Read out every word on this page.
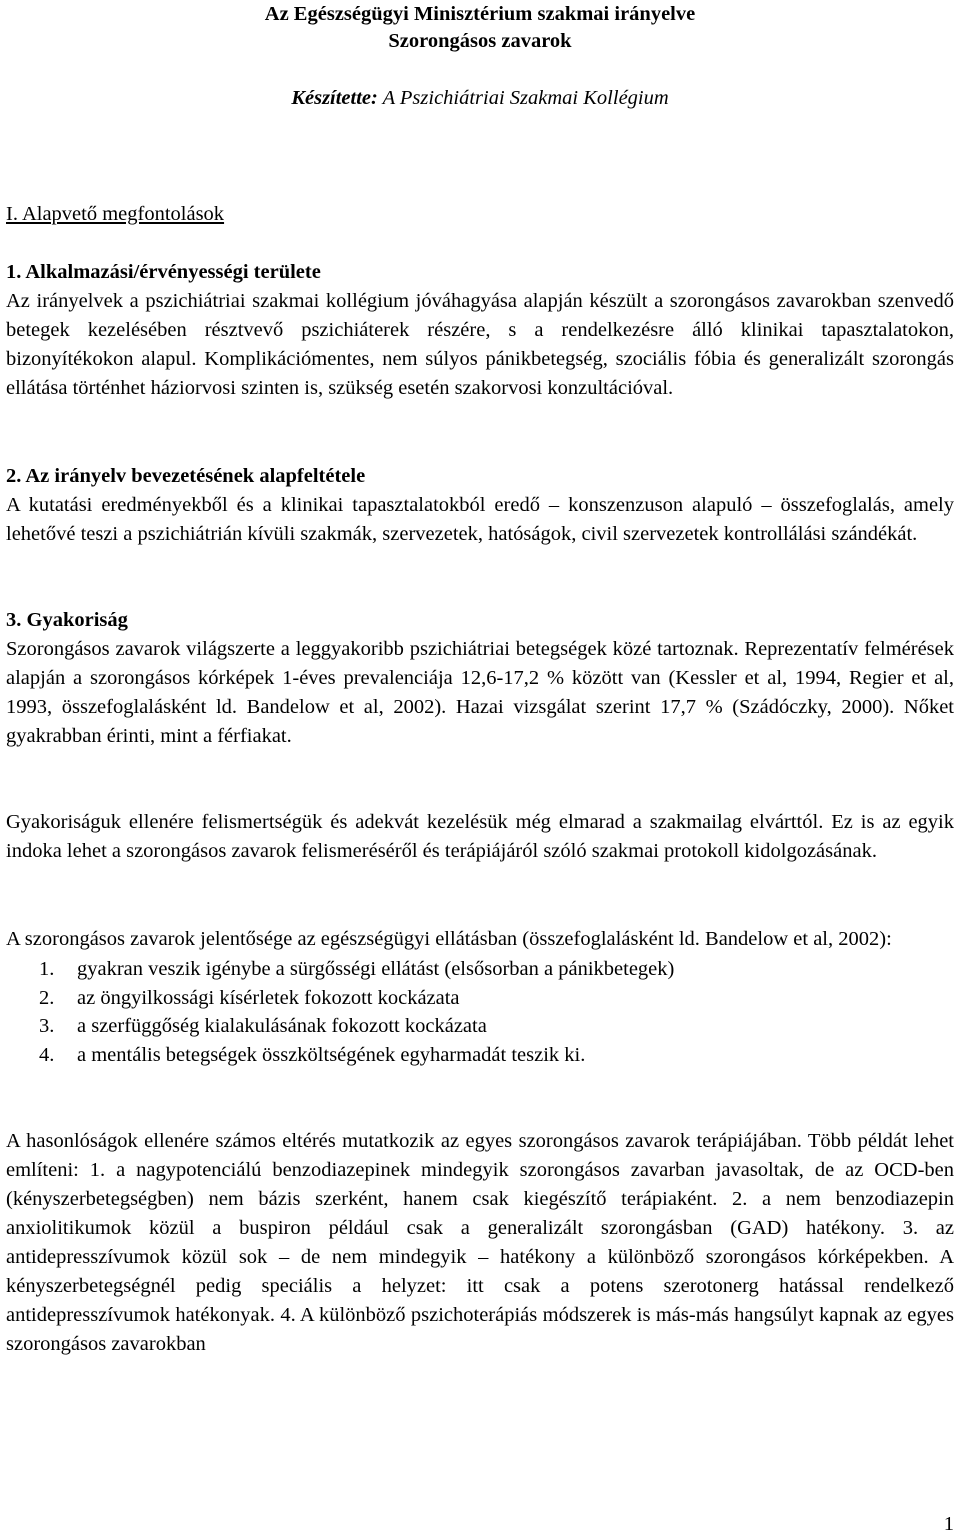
Az Egészségügyi Minisztérium szakmai irányelve
Szorongásos zavarok
Készítette: A Pszichiátriai Szakmai Kollégium
I. Alapvető megfontolások
1. Alkalmazási/érvényességi területe

Az irányelvek a pszichiátriai szakmai kollégium jóváhagyása alapján készült a szorongásos zavarokban szenvedő betegek kezelésében résztvevő pszichiáterek részére, s a rendelkezésre álló klinikai tapasztalatokon, bizonyítékokon alapul. Komplikációmentes, nem súlyos pánikbetegség, szociális fóbia és generalizált szorongás ellátása történhet háziorvosi szinten is, szükség esetén szakorvosi konzultációval.

2. Az irányelv bevezetésének alapfeltétele

A kutatási eredményekből és a klinikai tapasztalatokból eredő – konszenzuson alapuló – összefoglalás, amely lehetővé teszi a pszichiátrián kívüli szakmák, szervezetek, hatóságok, civil szervezetek kontrollálási szándékát.

3. Gyakoriság

Szorongásos zavarok világszerte a leggyakoribb pszichiátriai betegségek közé tartoznak. Reprezentatív felmérések alapján a szorongásos kórképek 1-éves prevalenciája 12,6-17,2 % között van (Kessler et al, 1994, Regier et al, 1993, összefoglalásként ld. Bandelow et al, 2002). Hazai vizsgálat szerint 17,7 % (Szádóczky, 2000). Nőket gyakrabban érinti, mint a férfiakat.

Gyakoriságuk ellenére felismertségük és adekvát kezelésük még elmarad a szakmailag elvárttól. Ez is az egyik indoka lehet a szorongásos zavarok felismeréséről és terápiájáról szóló szakmai protokoll kidolgozásának.

A szorongásos zavarok jelentősége az egészségügyi ellátásban (összefoglalásként ld. Bandelow et al, 2002):

1. gyakran veszik igénybe a sürgősségi ellátást (elsősorban a pánikbetegek)
2. az öngyilkossági kísérletek fokozott kockázata
3. a szerfüggőség kialakulásának fokozott kockázata
4. a mentális betegségek összköltségének egyharmadát teszik ki.

A hasonlóságok ellenére számos eltérés mutatkozik az egyes szorongásos zavarok terápiájában. Több példát lehet említeni: 1. a nagypotenciálú benzodiazepinek mindegyik szorongásos zavarban javasoltak, de az OCD-ben (kényszerbetegségben) nem bázis szerként, hanem csak kiegészítő terápiaként. 2. a nem benzodiazepin anxiolitikumok közül a buspiron például csak a generalizált szorongásban (GAD) hatékony. 3. az antidepresszívumok közül sok – de nem mindegyik – hatékony a különböző szorongásos kórképekben. A kényszerbetegségnél pedig speciális a helyzet: itt csak a potens szerotonerg hatással rendelkező antidepresszívumok hatékonyak. 4. A különböző pszichoterápiás módszerek is más-más hangsúlyt kapnak az egyes szorongásos zavarokban

1
